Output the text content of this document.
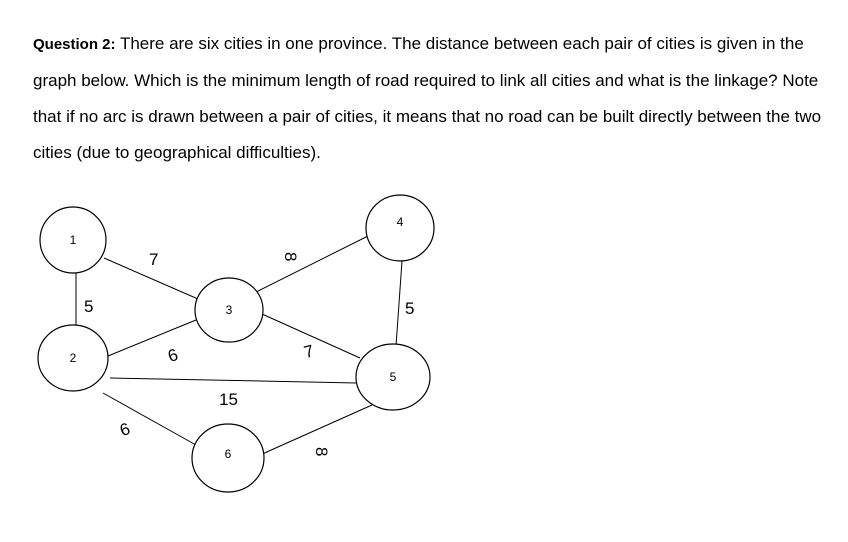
Question 2: There are six cities in one province. The distance between each pair of cities is given in the graph below. Which is the minimum length of road required to link all cities and what is the linkage? Note that if no arc is drawn between a pair of cities, it means that no road can be built directly between the two cities (due to geographical difficulties).

5
7
6
8
5
7
15
6
8
1
2
3
4
5
6
